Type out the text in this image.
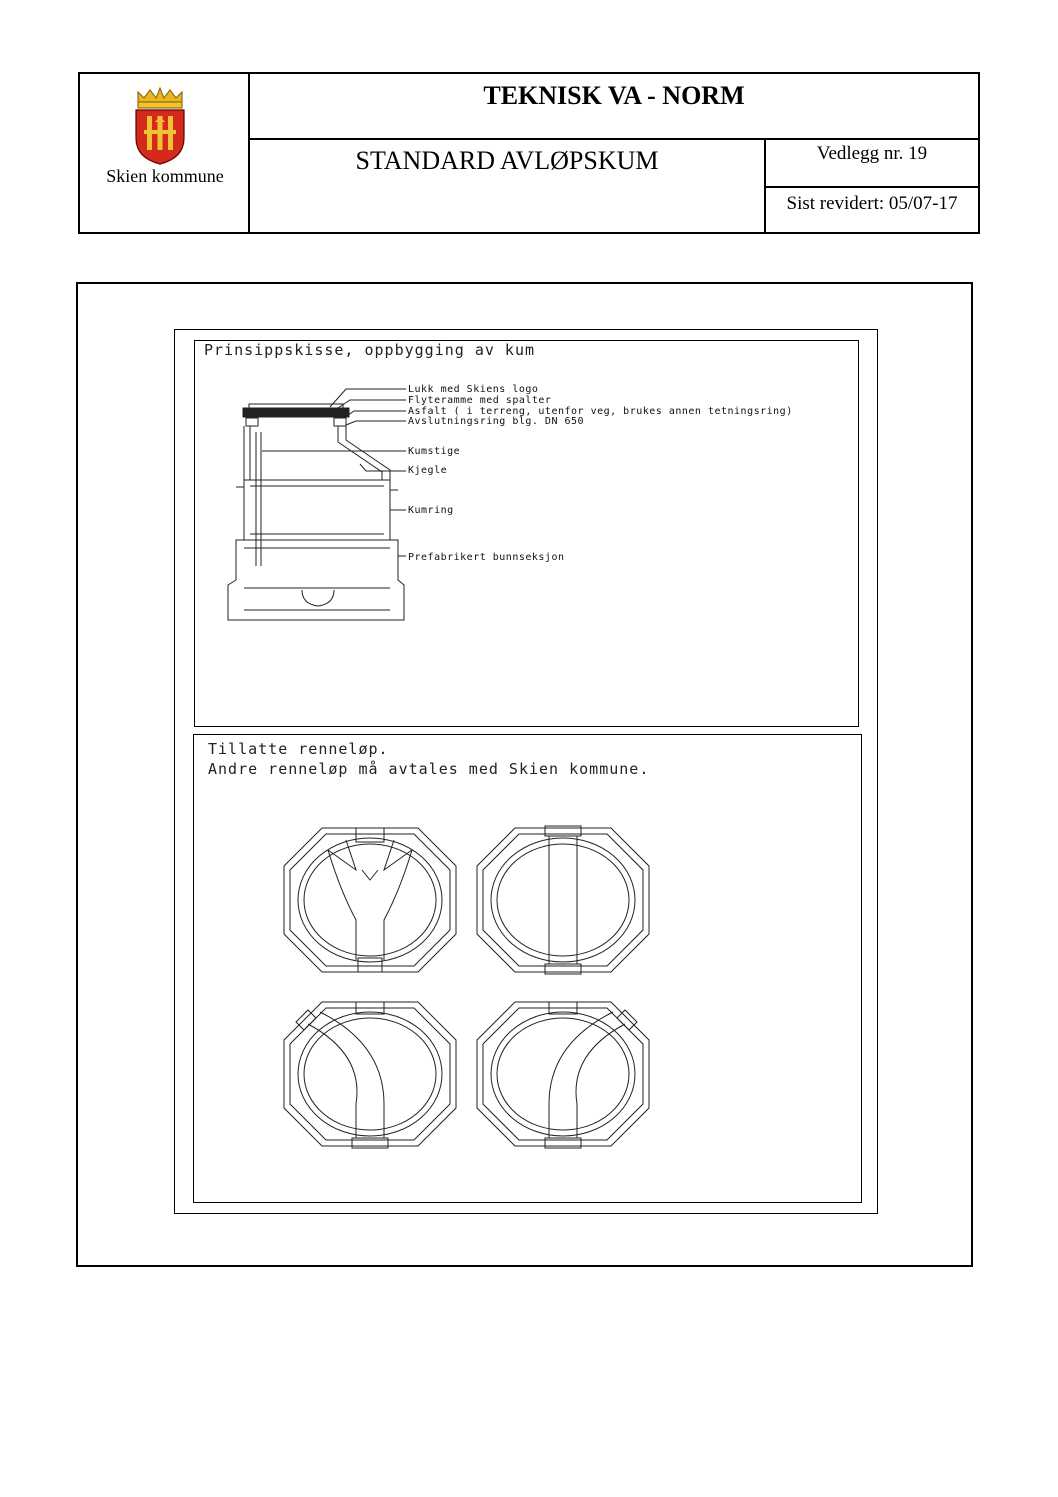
Skien kommune
TEKNISK VA - NORM
STANDARD AVLØPSKUM	Vedlegg nr. 19
Sist revidert: 05/07-17
Prinsippskisse, oppbygging av kum
Lukk med Skiens logo
Flyteramme med spalter
Asfalt ( i terreng, utenfor veg, brukes annen tetningsring)
Avslutningsring blg. DN 650
Kumstige
Kjegle
Kumring
Prefabrikert bunnseksjon
Tillatte renneløp.
Andre renneløp må avtales med Skien kommune.
